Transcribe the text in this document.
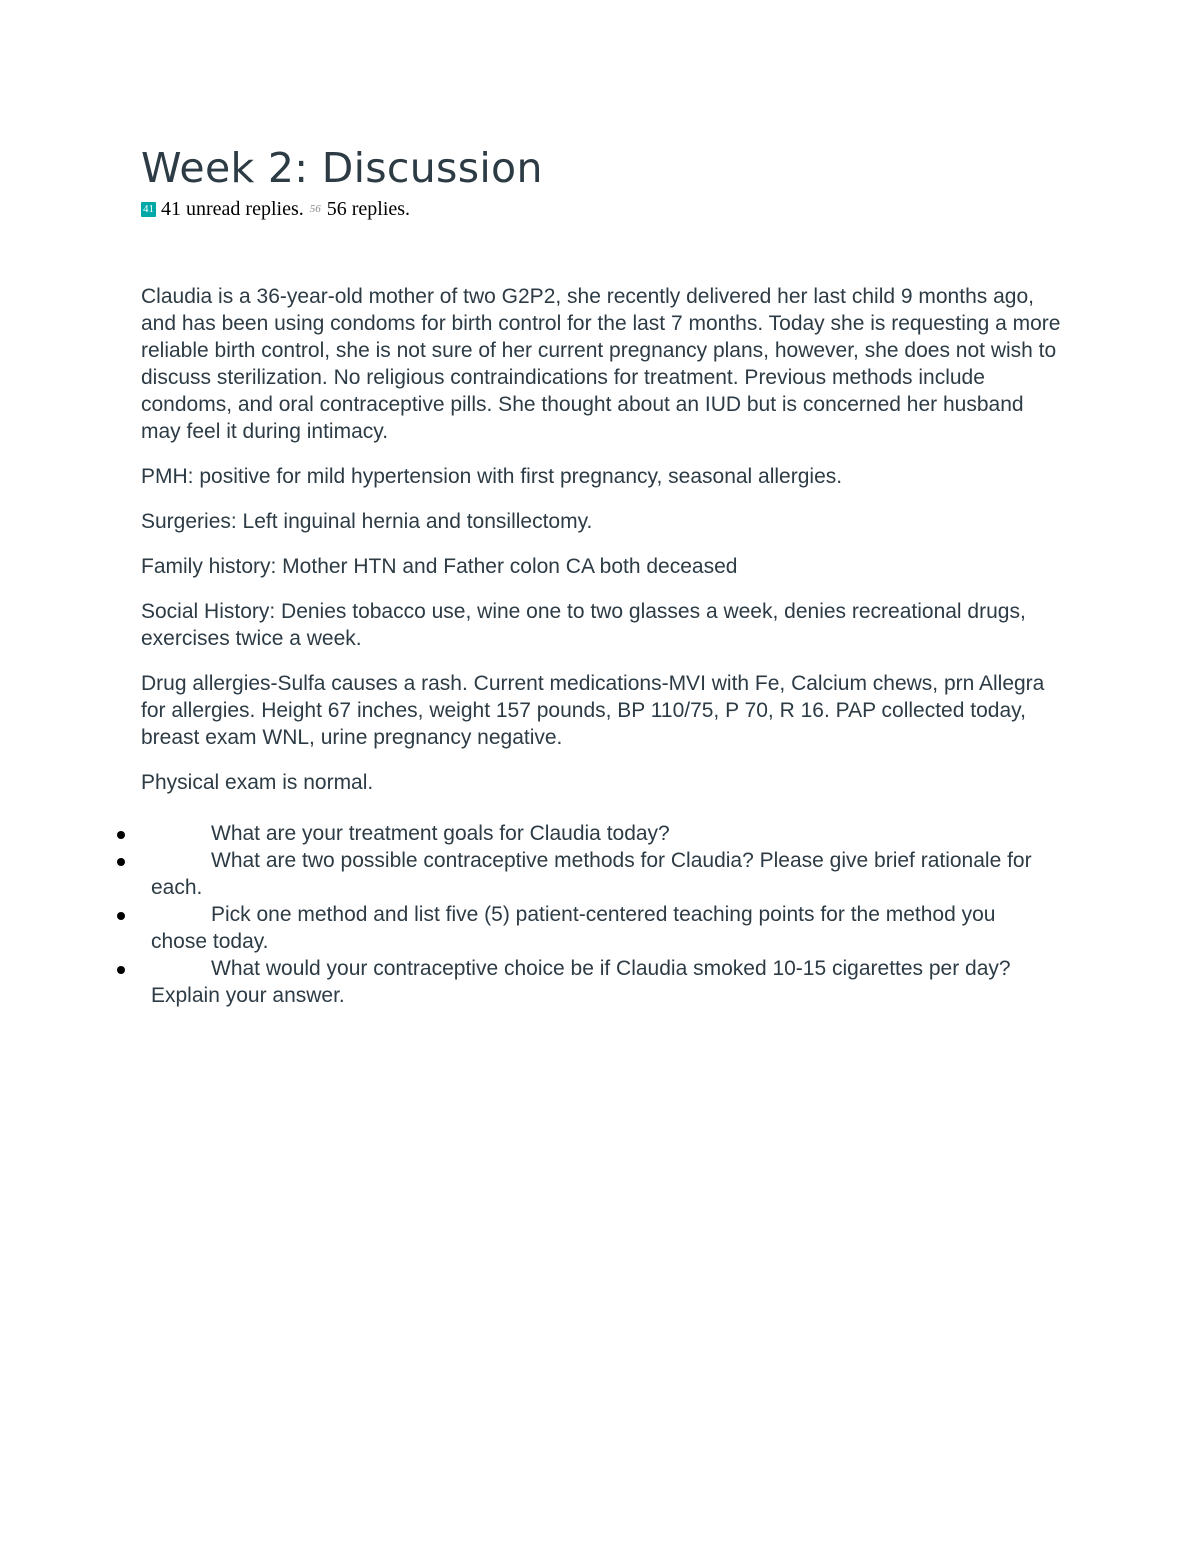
Week 2: Discussion
41 41 unread replies. 56 56 replies.

Claudia is a 36-year-old mother of two G2P2, she recently delivered her last child 9 months ago, and has been using condoms for birth control for the last 7 months. Today she is requesting a more reliable birth control, she is not sure of her current pregnancy plans, however, she does not wish to discuss sterilization. No religious contraindications for treatment. Previous methods include condoms, and oral contraceptive pills. She thought about an IUD but is concerned her husband may feel it during intimacy.

PMH: positive for mild hypertension with first pregnancy, seasonal allergies.

Surgeries: Left inguinal hernia and tonsillectomy.

Family history: Mother HTN and Father colon CA both deceased

Social History: Denies tobacco use, wine one to two glasses a week, denies recreational drugs, exercises twice a week.

Drug allergies-Sulfa causes a rash. Current medications-MVI with Fe, Calcium chews, prn Allegra for allergies. Height 67 inches, weight 157 pounds, BP 110/75, P 70, R 16. PAP collected today, breast exam WNL, urine pregnancy negative.

Physical exam is normal.

What are your treatment goals for Claudia today?
What are two possible contraceptive methods for Claudia? Please give brief rationale for each.
Pick one method and list five (5) patient-centered teaching points for the method you chose today.
What would your contraceptive choice be if Claudia smoked 10-15 cigarettes per day? Explain your answer.
